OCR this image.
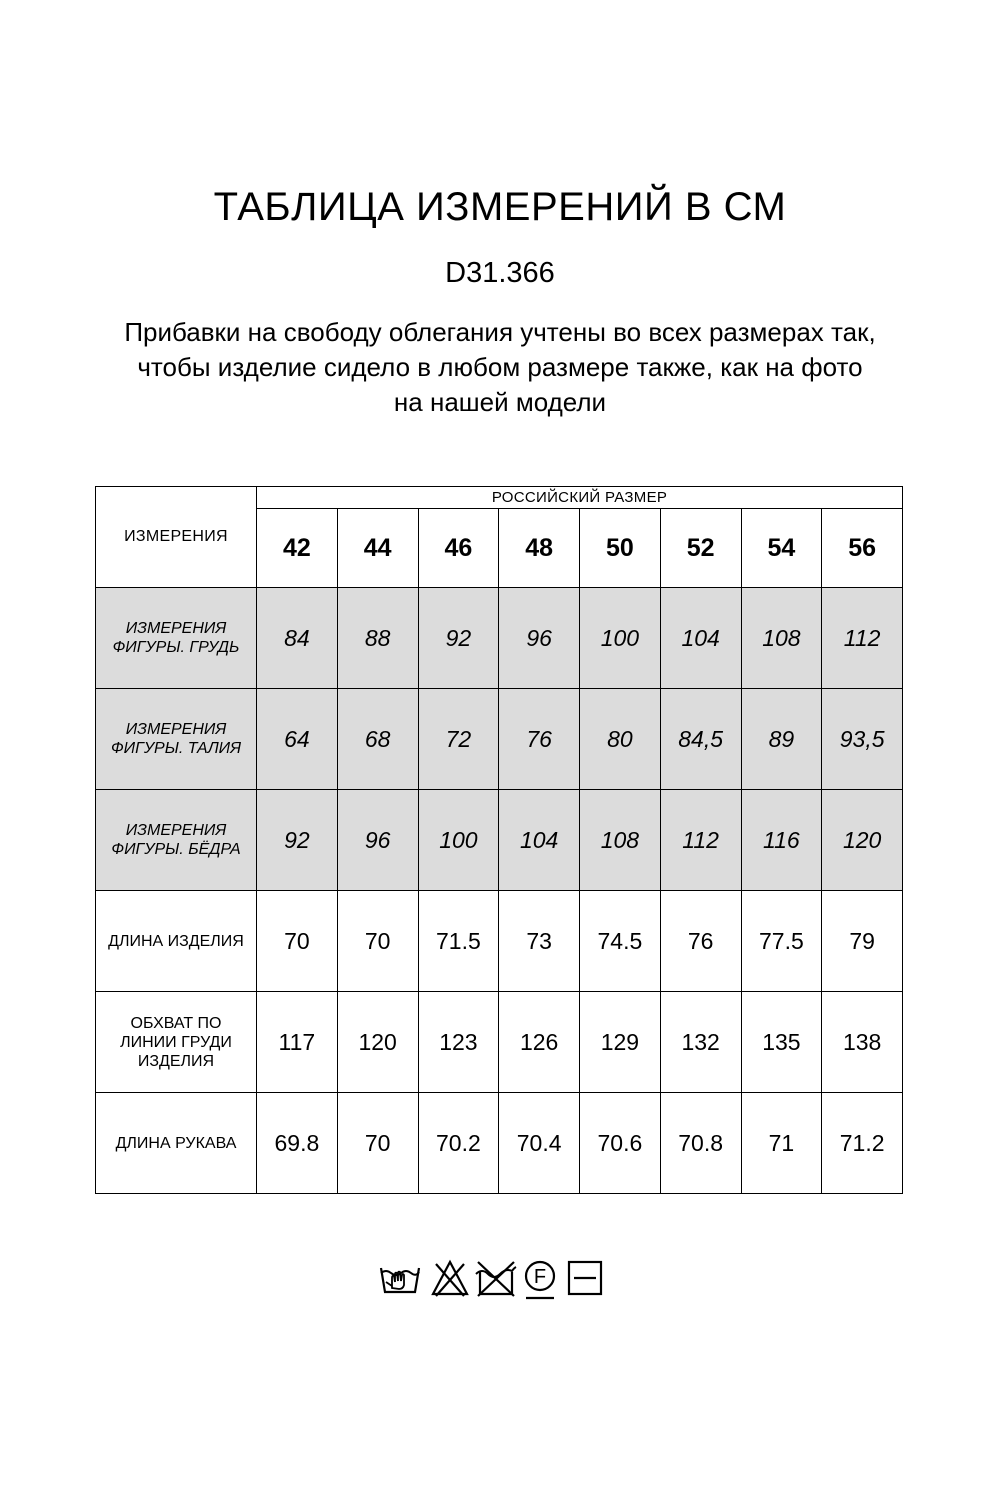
ТАБЛИЦА ИЗМЕРЕНИЙ В СМ
D31.366
Прибавки на свободу облегания учтены во всех размерах так,
чтобы изделие сидело в любом размере также, как на фото
на нашей модели
ИЗМЕРЕНИЯ	РОССИЙСКИЙ РАЗМЕР							
	42	44	46	48	50	52	54	56

ИЗМЕРЕНИЯ
ФИГУРЫ. ГРУДЬ	84	88	92	96	100	104	108	112

ИЗМЕРЕНИЯ
ФИГУРЫ. ТАЛИЯ	64	68	72	76	80	84,5	89	93,5

ИЗМЕРЕНИЯ
ФИГУРЫ. БЁДРА	92	96	100	104	108	112	116	120

ДЛИНА ИЗДЕЛИЯ	70	70	71.5	73	74.5	76	77.5	79

ОБХВАТ ПО
ЛИНИИ ГРУДИ
ИЗДЕЛИЯ	117	120	123	126	129	132	135	138

ДЛИНА РУКАВА	69.8	70	70.2	70.4	70.6	70.8	71	71.2
F
